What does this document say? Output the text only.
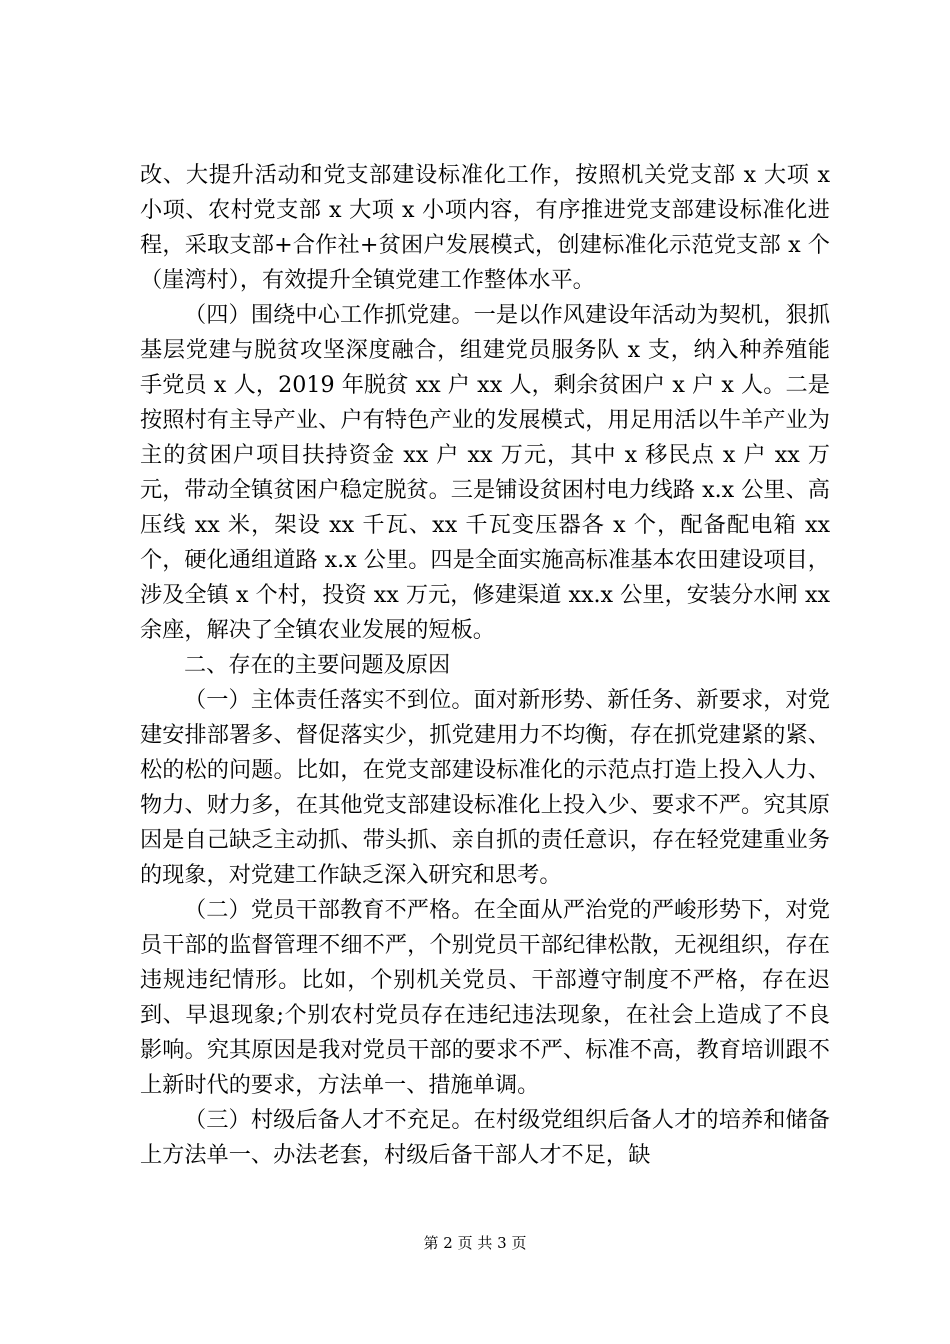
改、大提升活动和党支部建设标准化工作，按照机关党支部 x 大项 x 小项、农村党支部 x 大项 x 小项内容，有序推进党支部建设标准化进程，采取支部+合作社+贫困户发展模式，创建标准化示范党支部 x 个（崖湾村），有效提升全镇党建工作整体水平。

（四）围绕中心工作抓党建。一是以作风建设年活动为契机，狠抓基层党建与脱贫攻坚深度融合，组建党员服务队 x 支，纳入种养殖能手党员 x 人，2019 年脱贫 xx 户 xx 人，剩余贫困户 x 户 x 人。二是按照村有主导产业、户有特色产业的发展模式，用足用活以牛羊产业为主的贫困户项目扶持资金 xx 户 xx 万元，其中 x 移民点 x 户 xx 万元，带动全镇贫困户稳定脱贫。三是铺设贫困村电力线路 x.x 公里、高压线 xx 米，架设 xx 千瓦、xx 千瓦变压器各 x 个，配备配电箱 xx 个，硬化通组道路 x.x 公里。四是全面实施高标准基本农田建设项目，涉及全镇 x 个村，投资 xx 万元，修建渠道 xx.x 公里，安装分水闸 xx 余座，解决了全镇农业发展的短板。

二、存在的主要问题及原因

（一）主体责任落实不到位。面对新形势、新任务、新要求，对党建安排部署多、督促落实少，抓党建用力不均衡，存在抓党建紧的紧、松的松的问题。比如，在党支部建设标准化的示范点打造上投入人力、物力、财力多，在其他党支部建设标准化上投入少、要求不严。究其原因是自己缺乏主动抓、带头抓、亲自抓的责任意识，存在轻党建重业务的现象，对党建工作缺乏深入研究和思考。

（二）党员干部教育不严格。在全面从严治党的严峻形势下，对党员干部的监督管理不细不严，个别党员干部纪律松散，无视组织，存在违规违纪情形。比如，个别机关党员、干部遵守制度不严格，存在迟到、早退现象;个别农村党员存在违纪违法现象，在社会上造成了不良影响。究其原因是我对党员干部的要求不严、标准不高，教育培训跟不上新时代的要求，方法单一、措施单调。

（三）村级后备人才不充足。在村级党组织后备人才的培养和储备上方法单一、办法老套，村级后备干部人才不足，缺

第 2 页 共 3 页
